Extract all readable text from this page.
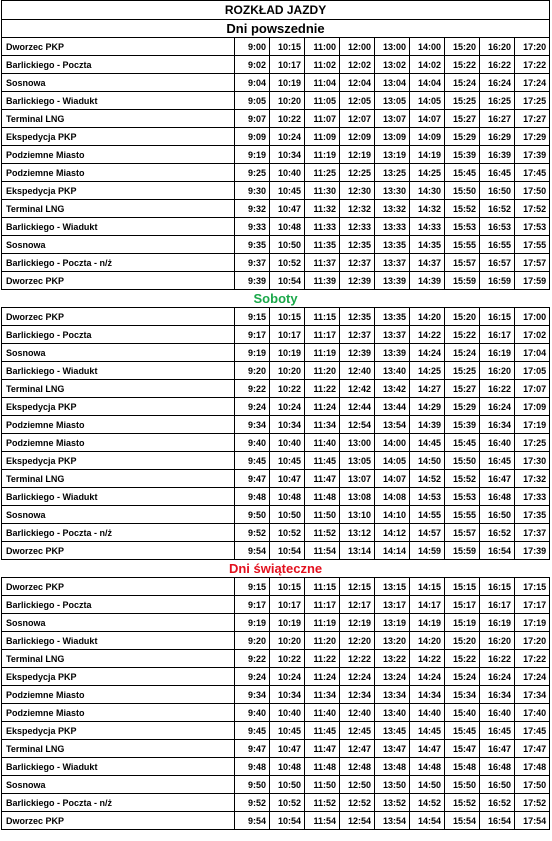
ROZKŁAD JAZDY									
Dni powszednie									
Dworzec PKP	9:00	10:15	11:00	12:00	13:00	14:00	15:20	16:20	17:20
Barlickiego - Poczta	9:02	10:17	11:02	12:02	13:02	14:02	15:22	16:22	17:22
Sosnowa	9:04	10:19	11:04	12:04	13:04	14:04	15:24	16:24	17:24
Barlickiego - Wiadukt	9:05	10:20	11:05	12:05	13:05	14:05	15:25	16:25	17:25
Terminal LNG	9:07	10:22	11:07	12:07	13:07	14:07	15:27	16:27	17:27
Ekspedycja PKP	9:09	10:24	11:09	12:09	13:09	14:09	15:29	16:29	17:29
Podziemne Miasto	9:19	10:34	11:19	12:19	13:19	14:19	15:39	16:39	17:39
Podziemne Miasto	9:25	10:40	11:25	12:25	13:25	14:25	15:45	16:45	17:45
Ekspedycja PKP	9:30	10:45	11:30	12:30	13:30	14:30	15:50	16:50	17:50
Terminal LNG	9:32	10:47	11:32	12:32	13:32	14:32	15:52	16:52	17:52
Barlickiego - Wiadukt	9:33	10:48	11:33	12:33	13:33	14:33	15:53	16:53	17:53
Sosnowa	9:35	10:50	11:35	12:35	13:35	14:35	15:55	16:55	17:55
Barlickiego - Poczta - n/ż	9:37	10:52	11:37	12:37	13:37	14:37	15:57	16:57	17:57
Dworzec PKP	9:39	10:54	11:39	12:39	13:39	14:39	15:59	16:59	17:59
Soboty									
Dworzec PKP	9:15	10:15	11:15	12:35	13:35	14:20	15:20	16:15	17:00
Barlickiego - Poczta	9:17	10:17	11:17	12:37	13:37	14:22	15:22	16:17	17:02
Sosnowa	9:19	10:19	11:19	12:39	13:39	14:24	15:24	16:19	17:04
Barlickiego - Wiadukt	9:20	10:20	11:20	12:40	13:40	14:25	15:25	16:20	17:05
Terminal LNG	9:22	10:22	11:22	12:42	13:42	14:27	15:27	16:22	17:07
Ekspedycja PKP	9:24	10:24	11:24	12:44	13:44	14:29	15:29	16:24	17:09
Podziemne Miasto	9:34	10:34	11:34	12:54	13:54	14:39	15:39	16:34	17:19
Podziemne Miasto	9:40	10:40	11:40	13:00	14:00	14:45	15:45	16:40	17:25
Ekspedycja PKP	9:45	10:45	11:45	13:05	14:05	14:50	15:50	16:45	17:30
Terminal LNG	9:47	10:47	11:47	13:07	14:07	14:52	15:52	16:47	17:32
Barlickiego - Wiadukt	9:48	10:48	11:48	13:08	14:08	14:53	15:53	16:48	17:33
Sosnowa	9:50	10:50	11:50	13:10	14:10	14:55	15:55	16:50	17:35
Barlickiego - Poczta - n/ż	9:52	10:52	11:52	13:12	14:12	14:57	15:57	16:52	17:37
Dworzec PKP	9:54	10:54	11:54	13:14	14:14	14:59	15:59	16:54	17:39
Dni świąteczne									
Dworzec PKP	9:15	10:15	11:15	12:15	13:15	14:15	15:15	16:15	17:15
Barlickiego - Poczta	9:17	10:17	11:17	12:17	13:17	14:17	15:17	16:17	17:17
Sosnowa	9:19	10:19	11:19	12:19	13:19	14:19	15:19	16:19	17:19
Barlickiego - Wiadukt	9:20	10:20	11:20	12:20	13:20	14:20	15:20	16:20	17:20
Terminal LNG	9:22	10:22	11:22	12:22	13:22	14:22	15:22	16:22	17:22
Ekspedycja PKP	9:24	10:24	11:24	12:24	13:24	14:24	15:24	16:24	17:24
Podziemne Miasto	9:34	10:34	11:34	12:34	13:34	14:34	15:34	16:34	17:34
Podziemne Miasto	9:40	10:40	11:40	12:40	13:40	14:40	15:40	16:40	17:40
Ekspedycja PKP	9:45	10:45	11:45	12:45	13:45	14:45	15:45	16:45	17:45
Terminal LNG	9:47	10:47	11:47	12:47	13:47	14:47	15:47	16:47	17:47
Barlickiego - Wiadukt	9:48	10:48	11:48	12:48	13:48	14:48	15:48	16:48	17:48
Sosnowa	9:50	10:50	11:50	12:50	13:50	14:50	15:50	16:50	17:50
Barlickiego - Poczta - n/ż	9:52	10:52	11:52	12:52	13:52	14:52	15:52	16:52	17:52
Dworzec PKP	9:54	10:54	11:54	12:54	13:54	14:54	15:54	16:54	17:54
